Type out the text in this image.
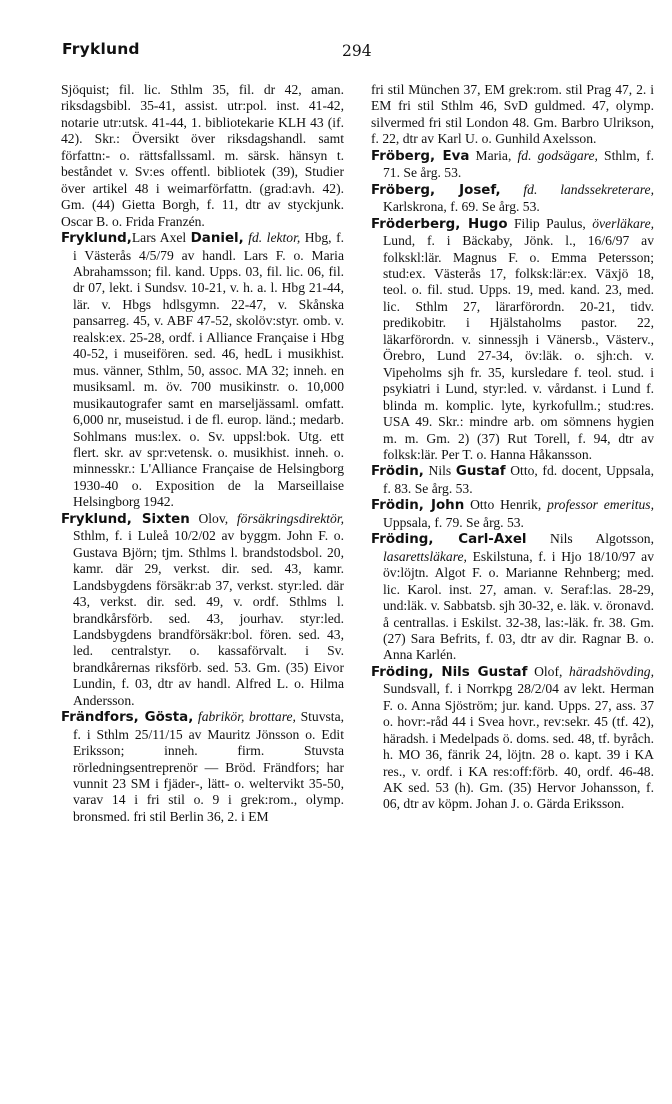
Fryklund	294

Sjöquist; fil. lic. Sthlm 35, fil. dr 42, aman. riksdagsbibl. 35-41, assist. utr:pol. inst. 41-42, notarie utr:utsk. 41-44, 1. bibliotekarie KLH 43 (if. 42). Skr.: Översikt över riksdagshandl. samt författn:- o. rättsfallssaml. m. särsk. hänsyn t. beståndet v. Sv:es offentl. bibliotek (39), Studier över artikel 48 i weimarförfattn. (grad:avh. 42). Gm. (44) Gietta Borgh, f. 11, dtr av styckjunk. Oscar B. o. Frida Franzén.

Fryklund,Lars Axel Daniel, fd. lektor, Hbg, f. i Västerås 4/5/79 av handl. Lars F. o. Maria Abrahamsson; fil. kand. Upps. 03, fil. lic. 06, fil. dr 07, lekt. i Sundsv. 10-21, v. h. a. l. Hbg 21-44, lär. v. Hbgs hdlsgymn. 22-47, v. Skånska pansarreg. 45, v. ABF 47-52, skolöv:styr. omb. v. realsk:ex. 25-28, ordf. i Alliance Française i Hbg 40-52, i museifören. sed. 46, hedL i musikhist. mus. vänner, Sthlm, 50, assoc. MA 32; inneh. en musiksaml. m. öv. 700 musikinstr. o. 10,000 musikautografer samt en marseljässaml. omfatt. 6,000 nr, museistud. i de fl. europ. länd.; medarb. Sohlmans mus:lex. o. Sv. uppsl:bok. Utg. ett flert. skr. av spr:vetensk. o. musikhist. inneh. o. minnesskr.: L'Alliance Française de Helsingborg 1930-40 o. Exposition de la Marseillaise Helsingborg 1942.

Fryklund, Sixten Olov, försäkringsdirektör, Sthlm, f. i Luleå 10/2/02 av byggm. John F. o. Gustava Björn; tjm. Sthlms l. brandstodsbol. 20, kamr. där 29, verkst. dir. sed. 43, kamr. Landsbygdens försäkr:ab 37, verkst. styr:led. där 43, verkst. dir. sed. 49, v. ordf. Sthlms l. brandkårsförb. sed. 43, jourhav. styr:led. Landsbygdens brandförsäkr:bol. fören. sed. 43, led. centralstyr. o. kassaförvalt. i Sv. brandkårernas riksförb. sed. 53. Gm. (35) Eivor Lundin, f. 03, dtr av handl. Alfred L. o. Hilma Andersson.

Frändfors, Gösta, fabrikör, brottare, Stuvsta, f. i Sthlm 25/11/15 av Mauritz Jönsson o. Edit Eriksson; inneh. firm. Stuvsta rörledningsentreprenör — Bröd. Frändfors; har vunnit 23 SM i fjäder-, lätt- o. weltervikt 35-50, varav 14 i fri stil o. 9 i grek:rom., olymp. bronsmed. fri stil Berlin 36, 2. i EM

fri stil München 37, EM grek:rom. stil Prag 47, 2. i EM fri stil Sthlm 46, SvD guldmed. 47, olymp. silvermed fri stil London 48. Gm. Barbro Ulrikson, f. 22, dtr av Karl U. o. Gunhild Axelsson.

Fröberg, Eva Maria, fd. godsägare, Sthlm, f. 71. Se årg. 53.

Fröberg, Josef, fd. landssekreterare, Karlskrona, f. 69. Se årg. 53.

Fröderberg, Hugo Filip Paulus, överläkare, Lund, f. i Bäckaby, Jönk. l., 16/6/97 av folkskl:lär. Magnus F. o. Emma Petersson; stud:ex. Västerås 17, folksk:lär:ex. Växjö 18, teol. o. fil. stud. Upps. 19, med. kand. 23, med. lic. Sthlm 27, lärarförordn. 20-21, tidv. predikobitr. i Hjälstaholms pastor. 22, läkarförordn. v. sinnessjh i Vänersb., Västerv., Örebro, Lund 27-34, öv:läk. o. sjh:ch. v. Vipeholms sjh fr. 35, kursledare f. teol. stud. i psykiatri i Lund, styr:led. v. vårdanst. i Lund f. blinda m. komplic. lyte, kyrkofullm.; stud:res. USA 49. Skr.: mindre arb. om sömnens hygien m. m. Gm. 2) (37) Rut Torell, f. 94, dtr av folksk:lär. Per T. o. Hanna Håkansson.

Frödin, Nils Gustaf Otto, fd. docent, Uppsala, f. 83. Se årg. 53.

Frödin, John Otto Henrik, professor emeritus, Uppsala, f. 79. Se årg. 53.

Fröding, Carl-Axel Nils Algotsson, lasarettsläkare, Eskilstuna, f. i Hjo 18/10/97 av öv:löjtn. Algot F. o. Marianne Rehnberg; med. lic. Karol. inst. 27, aman. v. Seraf:las. 28-29, und:läk. v. Sabbatsb. sjh 30-32, e. läk. v. öronavd. å centrallas. i Eskilst. 32-38, las:-läk. fr. 38. Gm. (27) Sara Befrits, f. 03, dtr av dir. Ragnar B. o. Anna Karlén.

Fröding, Nils Gustaf Olof, häradshövding, Sundsvall, f. i Norrkpg 28/2/04 av lekt. Herman F. o. Anna Sjöström; jur. kand. Upps. 27, ass. 37 o. hovr:-råd 44 i Svea hovr., rev:sekr. 45 (tf. 42), häradsh. i Medelpads ö. doms. sed. 48, tf. byråch. h. MO 36, fänrik 24, löjtn. 28 o. kapt. 39 i KA res., v. ordf. i KA res:off:förb. 40, ordf. 46-48. AK sed. 53 (h). Gm. (35) Hervor Johansson, f. 06, dtr av köpm. Johan J. o. Gärda Eriksson.
